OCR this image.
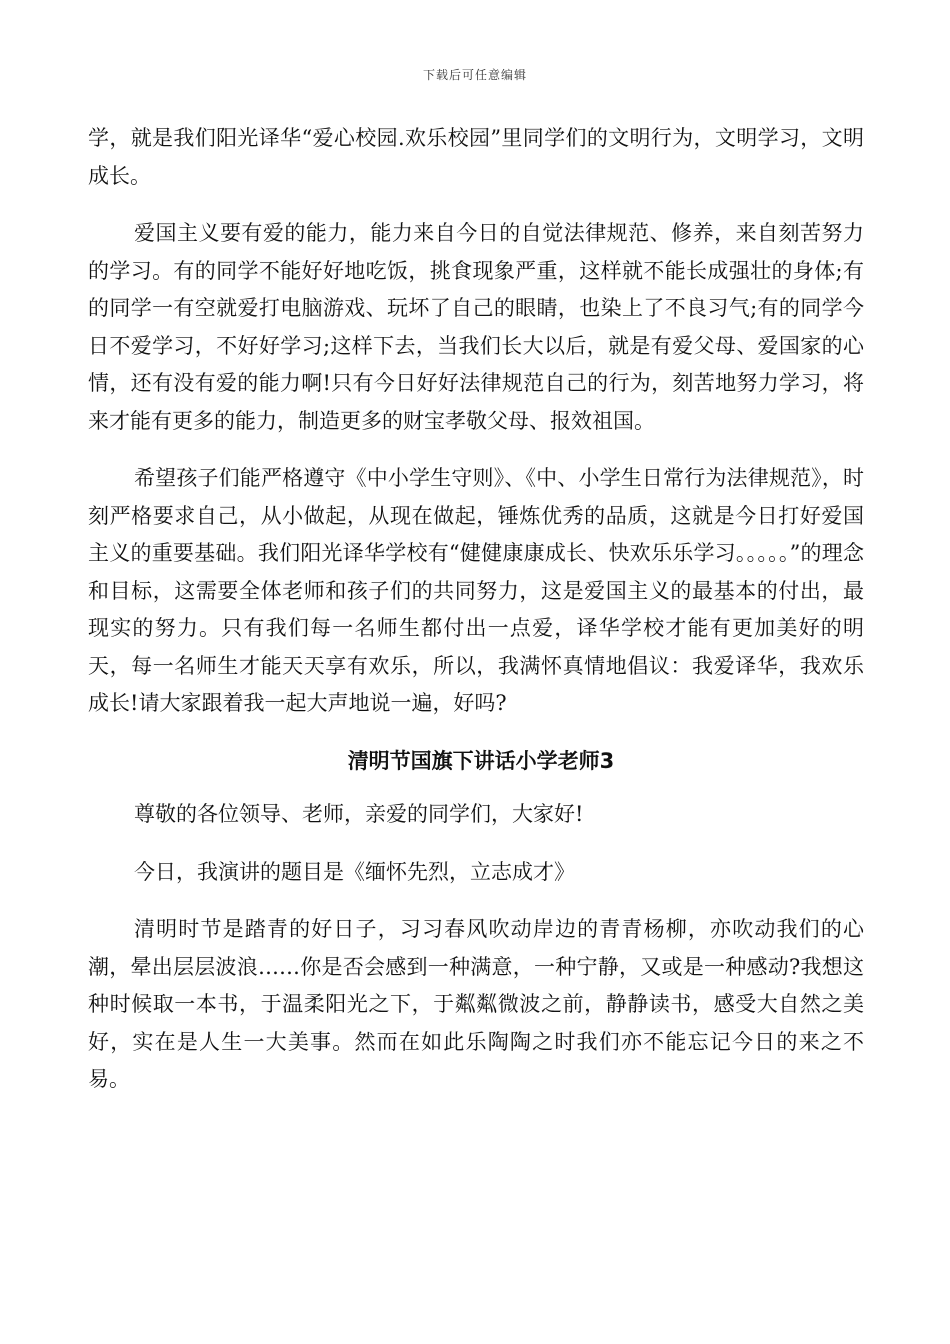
下载后可任意编辑

学，就是我们阳光译华“爱心校园.欢乐校园”里同学们的文明行为，文明学习，文明成长。

爱国主义要有爱的能力，能力来自今日的自觉法律规范、修养，来自刻苦努力的学习。有的同学不能好好地吃饭，挑食现象严重，这样就不能长成强壮的身体;有的同学一有空就爱打电脑游戏、玩坏了自己的眼睛，也染上了不良习气;有的同学今日不爱学习，不好好学习;这样下去，当我们长大以后，就是有爱父母、爱国家的心情，还有没有爱的能力啊!只有今日好好法律规范自己的行为，刻苦地努力学习，将来才能有更多的能力，制造更多的财宝孝敬父母、报效祖国。

希望孩子们能严格遵守《中小学生守则》、《中、小学生日常行为法律规范》，时刻严格要求自己，从小做起，从现在做起，锤炼优秀的品质，这就是今日打好爱国主义的重要基础。我们阳光译华学校有“健健康康成长、快欢乐乐学习。。。。。”的理念和目标，这需要全体老师和孩子们的共同努力，这是爱国主义的最基本的付出，最现实的努力。只有我们每一名师生都付出一点爱，译华学校才能有更加美好的明天，每一名师生才能天天享有欢乐，所以，我满怀真情地倡议：我爱译华，我欢乐成长!请大家跟着我一起大声地说一遍，好吗?

清明节国旗下讲话小学老师3

尊敬的各位领导、老师，亲爱的同学们，大家好!

今日，我演讲的题目是《缅怀先烈，立志成才》

清明时节是踏青的好日子，习习春风吹动岸边的青青杨柳，亦吹动我们的心潮，晕出层层波浪……你是否会感到一种满意，一种宁静，又或是一种感动?我想这种时候取一本书，于温柔阳光之下，于粼粼微波之前，静静读书，感受大自然之美好，实在是人生一大美事。然而在如此乐陶陶之时我们亦不能忘记今日的来之不易。
